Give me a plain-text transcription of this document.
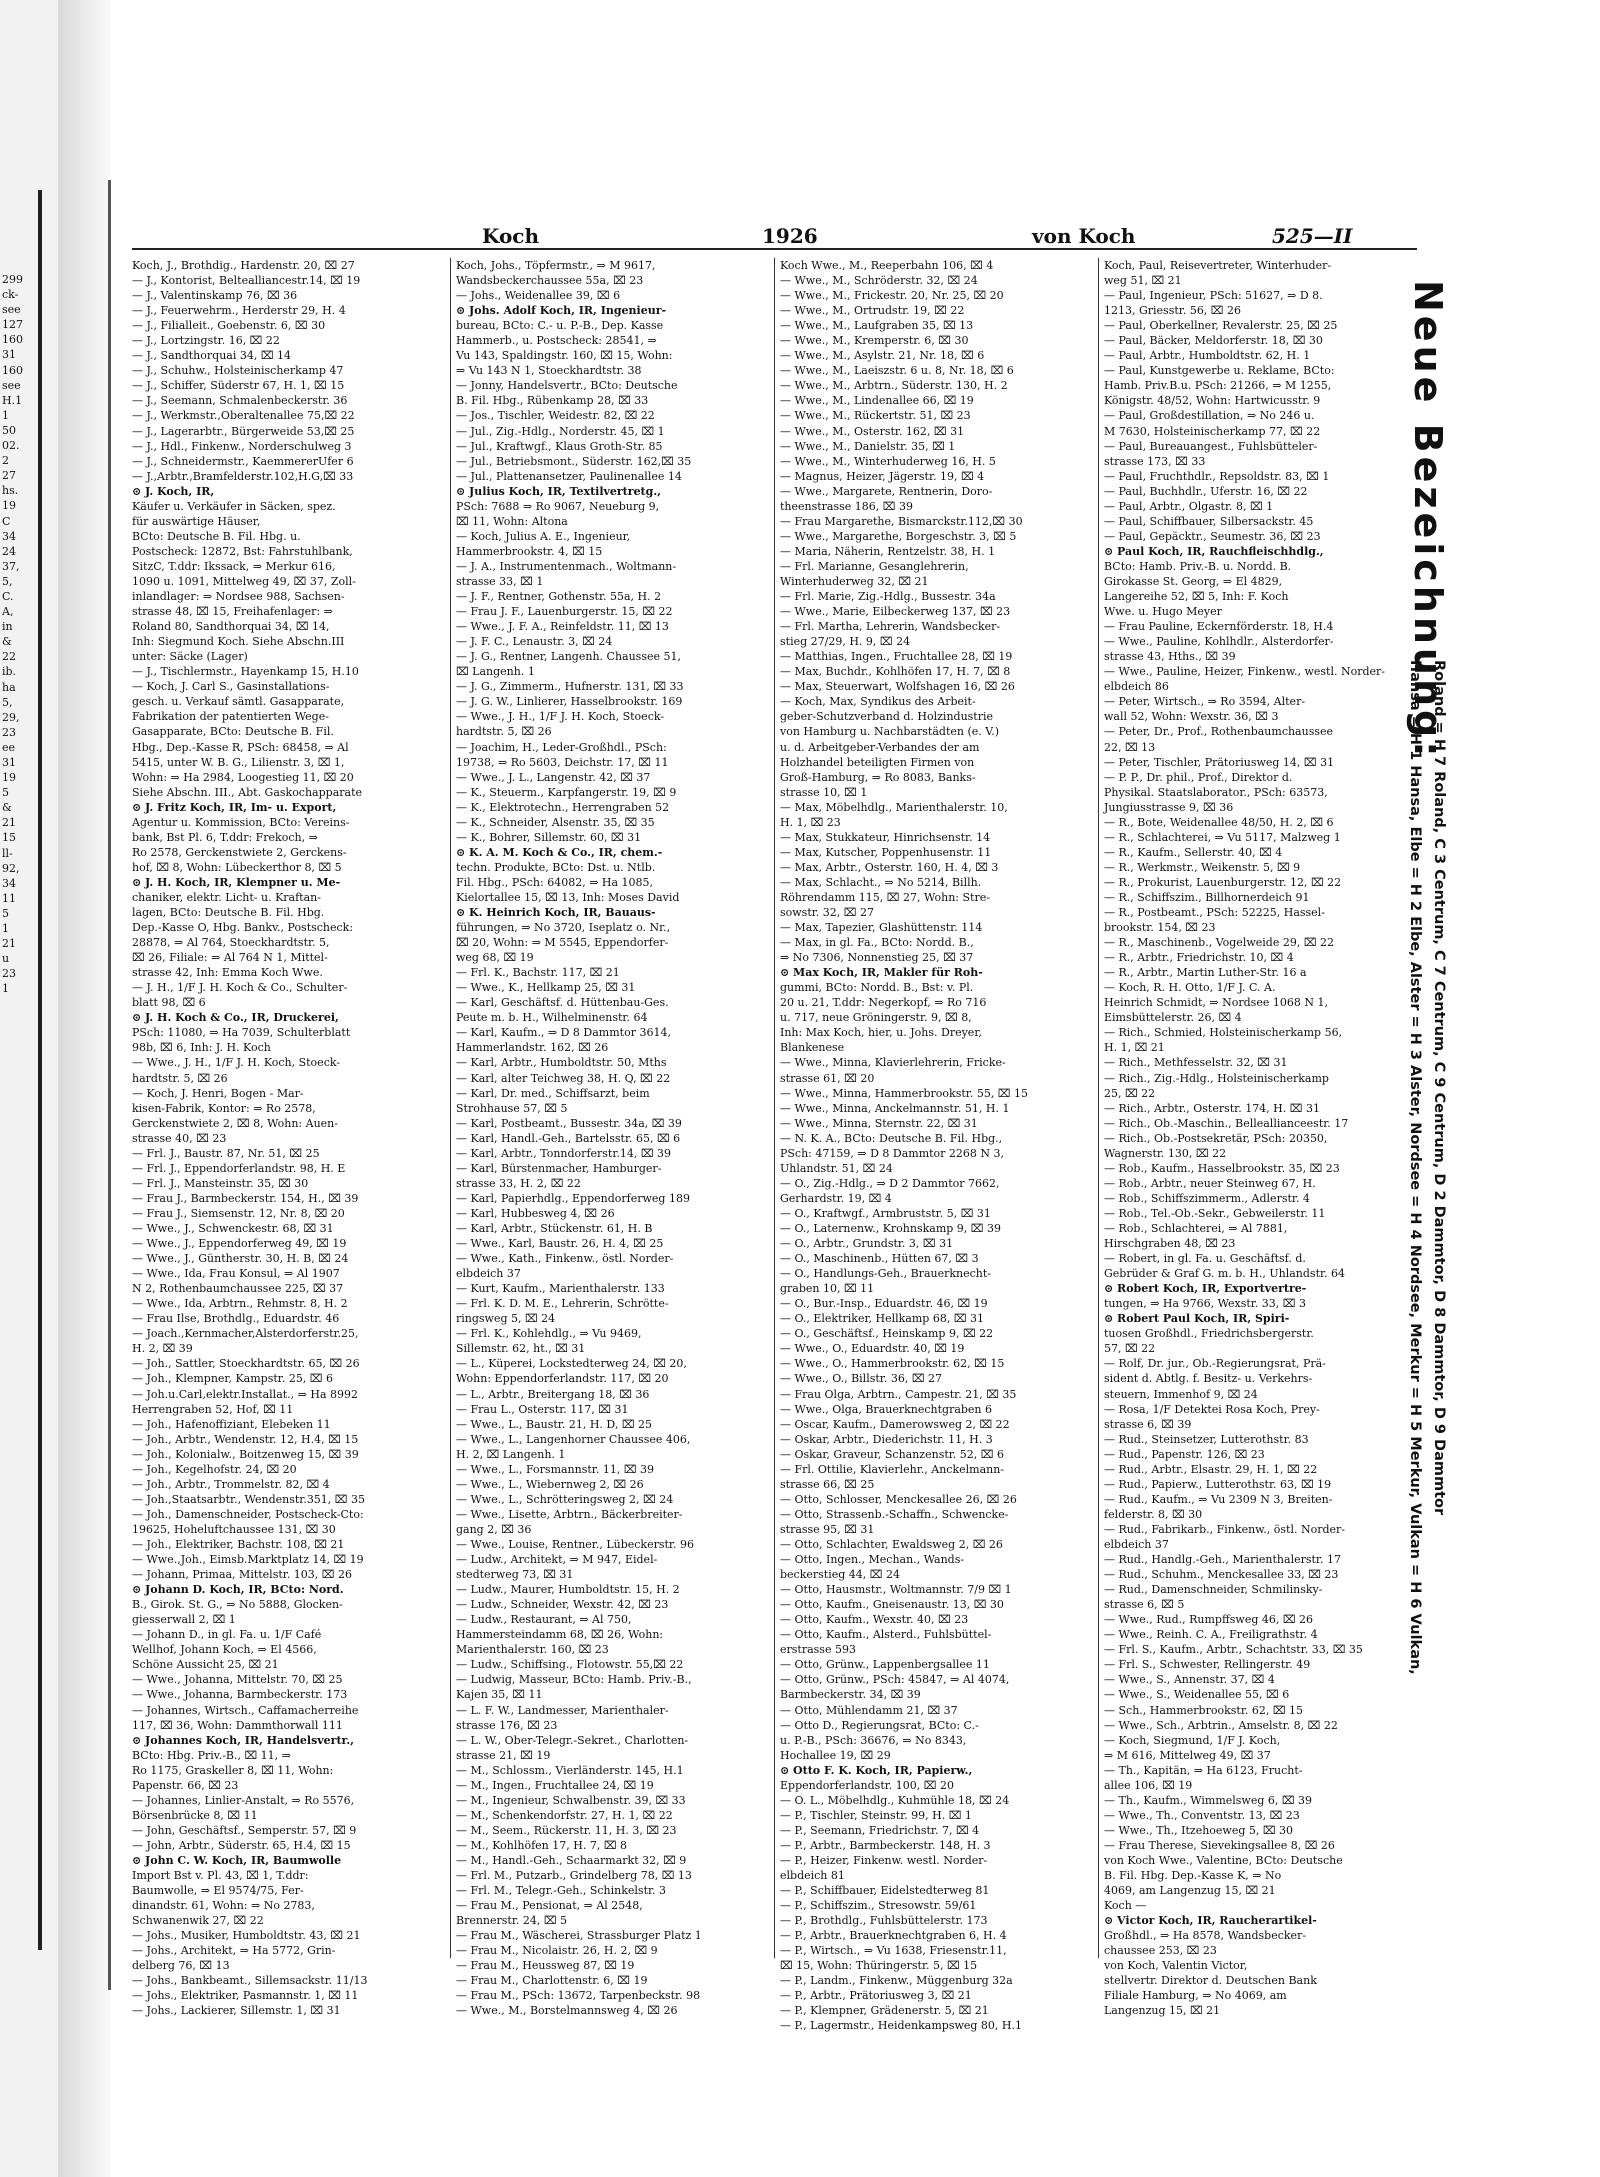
299
ck-
see
127
160
31
160
see
H.1
1
50
02.
2
27
hs.
19
C
34
24
37,
5,
C.
A,
in
&
22
ib.
ha
5,
29,
23
ee
31
19
5
&
21
15
ll-
92,
34
11
5
1
21
u
23
1
Koch	1926	von Koch	525—II
Koch, J., Brothdig., Hardenstr. 20, ⌧ 27
— J., Kontorist, Beltealliancestr.14, ⌧ 19
— J., Valentinskamp 76, ⌧ 36
— J., Feuerwehrm., Herderstr 29, H. 4
— J., Filialleit., Goebenstr. 6, ⌧ 30
— J., Lortzingstr. 16, ⌧ 22
— J., Sandthorquai 34, ⌧ 14
— J., Schuhw., Holsteinischerkamp 47
— J., Schiffer, Süderstr 67, H. 1, ⌧ 15
— J., Seemann, Schmalenbeckerstr. 36
— J., Werkmstr.,Oberaltenallee 75,⌧ 22
— J., Lagerarbtr., Bürgerweide 53,⌧ 25
— J., Hdl., Finkenw., Norderschulweg 3
— J., Schneidermstr., KaemmererUfer 6
— J.,Arbtr.,Bramfelderstr.102,H.G,⌧ 33
⊙ J. Koch, IR,
Käufer u. Verkäufer in Säcken, spez.
für auswärtige Häuser,
BCto: Deutsche B. Fil. Hbg. u.
Postscheck: 12872, Bst: Fahrstuhlbank,
SitzC, T.ddr: Ikssack, ⇒ Merkur 616,
1090 u. 1091, Mittelweg 49, ⌧ 37, Zoll-
inlandlager: ⇒ Nordsee 988, Sachsen-
strasse 48, ⌧ 15, Freihafenlager: ⇒
Roland 80, Sandthorquai 34, ⌧ 14,
Inh: Siegmund Koch. Siehe Abschn.III
unter: Säcke (Lager)
— J., Tischlermstr., Hayenkamp 15, H.10
— Koch, J. Carl S., Gasinstallations-
gesch. u. Verkauf sämtl. Gasapparate,
Fabrikation der patentierten Wege-
Gasapparate, BCto: Deutsche B. Fil.
Hbg., Dep.-Kasse R, PSch: 68458, ⇒ Al
5415, unter W. B. G., Lilienstr. 3, ⌧ 1,
Wohn: ⇒ Ha 2984, Loogestieg 11, ⌧ 20
Siehe Abschn. III., Abt. Gaskochapparate
⊙ J. Fritz Koch, IR, Im- u. Export,
Agentur u. Kommission, BCto: Vereins-
bank, Bst Pl. 6, T.ddr: Frekoch, ⇒
Ro 2578, Gerckenstwiete 2, Gerckens-
hof, ⌧ 8, Wohn: Lübeckerthor 8, ⌧ 5
⊙ J. H. Koch, IR, Klempner u. Me-
chaniker, elektr. Licht- u. Kraftan-
lagen, BCto: Deutsche B. Fil. Hbg.
Dep.-Kasse O, Hbg. Bankv., Postscheck:
28878, ⇒ Al 764, Stoeckhardtstr. 5,
⌧ 26, Filiale: ⇒ Al 764 N 1, Mittel-
strasse 42, Inh: Emma Koch Wwe.
— J. H., 1/F J. H. Koch & Co., Schulter-
blatt 98, ⌧ 6
⊙ J. H. Koch & Co., IR, Druckerei,
PSch: 11080, ⇒ Ha 7039, Schulterblatt
98b, ⌧ 6, Inh: J. H. Koch
— Wwe., J. H., 1/F J. H. Koch, Stoeck-
hardtstr. 5, ⌧ 26
— Koch, J. Henri, Bogen - Mar-
kisen-Fabrik, Kontor: ⇒ Ro 2578,
Gerckenstwiete 2, ⌧ 8, Wohn: Auen-
strasse 40, ⌧ 23
— Frl. J., Baustr. 87, Nr. 51, ⌧ 25
— Frl. J., Eppendorferlandstr. 98, H. E
— Frl. J., Mansteinstr. 35, ⌧ 30
— Frau J., Barmbeckerstr. 154, H., ⌧ 39
— Frau J., Siemsenstr. 12, Nr. 8, ⌧ 20
— Wwe., J., Schwenckestr. 68, ⌧ 31
— Wwe., J., Eppendorferweg 49, ⌧ 19
— Wwe., J., Güntherstr. 30, H. B, ⌧ 24
— Wwe., Ida, Frau Konsul, ⇒ Al 1907
N 2, Rothenbaumchaussee 225, ⌧ 37
— Wwe., Ida, Arbtrn., Rehmstr. 8, H. 2
— Frau Ilse, Brothdlg., Eduardstr. 46
— Joach.,Kernmacher,Alsterdorferstr.25,
H. 2, ⌧ 39
— Joh., Sattler, Stoeckhardtstr. 65, ⌧ 26
— Joh., Klempner, Kampstr. 25, ⌧ 6
— Joh.u.Carl,elektr.Installat., ⇒ Ha 8992
Herrengraben 52, Hof, ⌧ 11
— Joh., Hafenoffiziant, Elebeken 11
— Joh., Arbtr., Wendenstr. 12, H.4, ⌧ 15
— Joh., Kolonialw., Boitzenweg 15, ⌧ 39
— Joh., Kegelhofstr. 24, ⌧ 20
— Joh., Arbtr., Trommelstr. 82, ⌧ 4
— Joh.,Staatsarbtr., Wendenstr.351, ⌧ 35
— Joh., Damenschneider, Postscheck-Cto:
19625, Hoheluftchaussee 131, ⌧ 30
— Joh., Elektriker, Bachstr. 108, ⌧ 21
— Wwe.,Joh., Eimsb.Marktplatz 14, ⌧ 19
— Johann, Primaa, Mittelstr. 103, ⌧ 26
⊙ Johann D. Koch, IR, BCto: Nord.
B., Girok. St. G., ⇒ No 5888, Glocken-
giesserwall 2, ⌧ 1
— Johann D., in gl. Fa. u. 1/F Café
Wellhof, Johann Koch, ⇒ El 4566,
Schöne Aussicht 25, ⌧ 21
— Wwe., Johanna, Mittelstr. 70, ⌧ 25
— Wwe., Johanna, Barmbeckerstr. 173
— Johannes, Wirtsch., Caffamacherreihe
117, ⌧ 36, Wohn: Dammthorwall 111
⊙ Johannes Koch, IR, Handelsvertr.,
BCto: Hbg. Priv.-B., ⌧ 11, ⇒
Ro 1175, Graskeller 8, ⌧ 11, Wohn:
Papenstr. 66, ⌧ 23
— Johannes, Linlier-Anstalt, ⇒ Ro 5576,
Börsenbrücke 8, ⌧ 11
— John, Geschäftsf., Semperstr. 57, ⌧ 9
— John, Arbtr., Süderstr. 65, H.4, ⌧ 15
⊙ John C. W. Koch, IR, Baumwolle
Import Bst v. Pl. 43, ⌧ 1, T.ddr:
Baumwolle, ⇒ El 9574/75, Fer-
dinandstr. 61, Wohn: ⇒ No 2783,
Schwanenwik 27, ⌧ 22
— Johs., Musiker, Humboldtstr. 43, ⌧ 21
— Johs., Architekt, ⇒ Ha 5772, Grin-
delberg 76, ⌧ 13
— Johs., Bankbeamt., Sillemsackstr. 11/13
— Johs., Elektriker, Pasmannstr. 1, ⌧ 11
— Johs., Lackierer, Sillemstr. 1, ⌧ 31
Koch, Johs., Töpfermstr., ⇒ M 9617,
Wandsbeckerchaussee 55a, ⌧ 23
— Johs., Weidenallee 39, ⌧ 6
⊙ Johs. Adolf Koch, IR, Ingenieur-
bureau, BCto: C.- u. P.-B., Dep. Kasse
Hammerb., u. Postscheck: 28541, ⇒
Vu 143, Spaldingstr. 160, ⌧ 15, Wohn:
⇒ Vu 143 N 1, Stoeckhardtstr. 38
— Jonny, Handelsvertr., BCto: Deutsche
B. Fil. Hbg., Rübenkamp 28, ⌧ 33
— Jos., Tischler, Weidestr. 82, ⌧ 22
— Jul., Zig.-Hdlg., Norderstr. 45, ⌧ 1
— Jul., Kraftwgf., Klaus Groth-Str. 85
— Jul., Betriebsmont., Süderstr. 162,⌧ 35
— Jul., Plattenansetzer, Paulinenallee 14
⊙ Julius Koch, IR, Textilvertretg.,
PSch: 7688 ⇒ Ro 9067, Neueburg 9,
⌧ 11, Wohn: Altona
— Koch, Julius A. E., Ingenieur,
Hammerbrookstr. 4, ⌧ 15
— J. A., Instrumentenmach., Woltmann-
strasse 33, ⌧ 1
— J. F., Rentner, Gothenstr. 55a, H. 2
— Frau J. F., Lauenburgerstr. 15, ⌧ 22
— Wwe., J. F. A., Reinfeldstr. 11, ⌧ 13
— J. F. C., Lenaustr. 3, ⌧ 24
— J. G., Rentner, Langenh. Chaussee 51,
⌧ Langenh. 1
— J. G., Zimmerm., Hufnerstr. 131, ⌧ 33
— J. G. W., Linlierer, Hasselbrookstr. 169
— Wwe., J. H., 1/F J. H. Koch, Stoeck-
hardtstr. 5, ⌧ 26
— Joachim, H., Leder-Großhdl., PSch:
19738, ⇒ Ro 5603, Deichstr. 17, ⌧ 11
— Wwe., J. L., Langenstr. 42, ⌧ 37
— K., Steuerm., Karpfangerstr. 19, ⌧ 9
— K., Elektrotechn., Herrengraben 52
— K., Schneider, Alsenstr. 35, ⌧ 35
— K., Bohrer, Sillemstr. 60, ⌧ 31
⊙ K. A. M. Koch & Co., IR, chem.-
techn. Produkte, BCto: Dst. u. Ntlb.
Fil. Hbg., PSch: 64082, ⇒ Ha 1085,
Kielortallee 15, ⌧ 13, Inh: Moses David
⊙ K. Heinrich Koch, IR, Bauaus-
führungen, ⇒ No 3720, Iseplatz o. Nr.,
⌧ 20, Wohn: ⇒ M 5545, Eppendorfer-
weg 68, ⌧ 19
— Frl. K., Bachstr. 117, ⌧ 21
— Wwe., K., Hellkamp 25, ⌧ 31
— Karl, Geschäftsf. d. Hüttenbau-Ges.
Peute m. b. H., Wilhelminenstr. 64
— Karl, Kaufm., ⇒ D 8 Dammtor 3614,
Hammerlandstr. 162, ⌧ 26
— Karl, Arbtr., Humboldtstr. 50, Mths
— Karl, alter Teichweg 38, H. Q, ⌧ 22
— Karl, Dr. med., Schiffsarzt, beim
Strohhause 57, ⌧ 5
— Karl, Postbeamt., Bussestr. 34a, ⌧ 39
— Karl, Handl.-Geh., Bartelsstr. 65, ⌧ 6
— Karl, Arbtr., Tonndorferstr.14, ⌧ 39
— Karl, Bürstenmacher, Hamburger-
strasse 33, H. 2, ⌧ 22
— Karl, Papierhdlg., Eppendorferweg 189
— Karl, Hubbesweg 4, ⌧ 26
— Karl, Arbtr., Stückenstr. 61, H. B
— Wwe., Karl, Baustr. 26, H. 4, ⌧ 25
— Wwe., Kath., Finkenw., östl. Norder-
elbdeich 37
— Kurt, Kaufm., Marienthalerstr. 133
— Frl. K. D. M. E., Lehrerin, Schrötte-
ringsweg 5, ⌧ 24
— Frl. K., Kohlehdlg., ⇒ Vu 9469,
Sillemstr. 62, ht., ⌧ 31
— L., Küperei, Lockstedterweg 24, ⌧ 20,
Wohn: Eppendorferlandstr. 117, ⌧ 20
— L., Arbtr., Breitergang 18, ⌧ 36
— Frau L., Osterstr. 117, ⌧ 31
— Wwe., L., Baustr. 21, H. D, ⌧ 25
— Wwe., L., Langenhorner Chaussee 406,
H. 2, ⌧ Langenh. 1
— Wwe., L., Forsmannstr. 11, ⌧ 39
— Wwe., L., Wiebernweg 2, ⌧ 26
— Wwe., L., Schrötteringsweg 2, ⌧ 24
— Wwe., Lisette, Arbtrn., Bäckerbreiter-
gang 2, ⌧ 36
— Wwe., Louise, Rentner., Lübeckerstr. 96
— Ludw., Architekt, ⇒ M 947, Eidel-
stedterweg 73, ⌧ 31
— Ludw., Maurer, Humboldtstr. 15, H. 2
— Ludw., Schneider, Wexstr. 42, ⌧ 23
— Ludw., Restaurant, ⇒ Al 750,
Hammersteindamm 68, ⌧ 26, Wohn:
Marienthalerstr. 160, ⌧ 23
— Ludw., Schiffsing., Flotowstr. 55,⌧ 22
— Ludwig, Masseur, BCto: Hamb. Priv.-B.,
Kajen 35, ⌧ 11
— L. F. W., Landmesser, Marienthaler-
strasse 176, ⌧ 23
— L. W., Ober-Telegr.-Sekret., Charlotten-
strasse 21, ⌧ 19
— M., Schlossm., Vierländerstr. 145, H.1
— M., Ingen., Fruchtallee 24, ⌧ 19
— M., Ingenieur, Schwalbenstr. 39, ⌧ 33
— M., Schenkendorfstr. 27, H. 1, ⌧ 22
— M., Seem., Rückerstr. 11, H. 3, ⌧ 23
— M., Kohlhöfen 17, H. 7, ⌧ 8
— M., Handl.-Geh., Schaarmarkt 32, ⌧ 9
— Frl. M., Putzarb., Grindelberg 78, ⌧ 13
— Frl. M., Telegr.-Geh., Schinkelstr. 3
— Frau M., Pensionat, ⇒ Al 2548,
Brennerstr. 24, ⌧ 5
— Frau M., Wäscherei, Strassburger Platz 1
— Frau M., Nicolaistr. 26, H. 2, ⌧ 9
— Frau M., Heussweg 87, ⌧ 19
— Frau M., Charlottenstr. 6, ⌧ 19
— Frau M., PSch: 13672, Tarpenbeckstr. 98
— Wwe., M., Borstelmannsweg 4, ⌧ 26
Koch Wwe., M., Reeperbahn 106, ⌧ 4
— Wwe., M., Schröderstr. 32, ⌧ 24
— Wwe., M., Frickestr. 20, Nr. 25, ⌧ 20
— Wwe., M., Ortrudstr. 19, ⌧ 22
— Wwe., M., Laufgraben 35, ⌧ 13
— Wwe., M., Kremperstr. 6, ⌧ 30
— Wwe., M., Asylstr. 21, Nr. 18, ⌧ 6
— Wwe., M., Laeiszstr. 6 u. 8, Nr. 18, ⌧ 6
— Wwe., M., Arbtrn., Süderstr. 130, H. 2
— Wwe., M., Lindenallee 66, ⌧ 19
— Wwe., M., Rückertstr. 51, ⌧ 23
— Wwe., M., Osterstr. 162, ⌧ 31
— Wwe., M., Danielstr. 35, ⌧ 1
— Wwe., M., Winterhuderweg 16, H. 5
— Magnus, Heizer, Jägerstr. 19, ⌧ 4
— Wwe., Margarete, Rentnerin, Doro-
theenstrasse 186, ⌧ 39
— Frau Margarethe, Bismarckstr.112,⌧ 30
— Wwe., Margarethe, Borgeschstr. 3, ⌧ 5
— Maria, Näherin, Rentzelstr. 38, H. 1
— Frl. Marianne, Gesanglehrerin,
Winterhuderweg 32, ⌧ 21
— Frl. Marie, Zig.-Hdlg., Bussestr. 34a
— Wwe., Marie, Eilbeckerweg 137, ⌧ 23
— Frl. Martha, Lehrerin, Wandsbecker-
stieg 27/29, H. 9, ⌧ 24
— Matthias, Ingen., Fruchtallee 28, ⌧ 19
— Max, Buchdr., Kohlhöfen 17, H. 7, ⌧ 8
— Max, Steuerwart, Wolfshagen 16, ⌧ 26
— Koch, Max, Syndikus des Arbeit-
geber-Schutzverband d. Holzindustrie
von Hamburg u. Nachbarstädten (e. V.)
u. d. Arbeitgeber-Verbandes der am
Holzhandel beteiligten Firmen von
Groß-Hamburg, ⇒ Ro 8083, Banks-
strasse 10, ⌧ 1
— Max, Möbelhdlg., Marienthalerstr. 10,
H. 1, ⌧ 23
— Max, Stukkateur, Hinrichsenstr. 14
— Max, Kutscher, Poppenhusenstr. 11
— Max, Arbtr., Osterstr. 160, H. 4, ⌧ 3
— Max, Schlacht., ⇒ No 5214, Billh.
Röhrendamm 115, ⌧ 27, Wohn: Stre-
sowstr. 32, ⌧ 27
— Max, Tapezier, Glashüttenstr. 114
— Max, in gl. Fa., BCto: Nordd. B.,
⇒ No 7306, Nonnenstieg 25, ⌧ 37
⊙ Max Koch, IR, Makler für Roh-
gummi, BCto: Nordd. B., Bst: v. Pl.
20 u. 21, T.ddr: Negerkopf, ⇒ Ro 716
u. 717, neue Gröningerstr. 9, ⌧ 8,
Inh: Max Koch, hier, u. Johs. Dreyer,
Blankenese
— Wwe., Minna, Klavierlehrerin, Fricke-
strasse 61, ⌧ 20
— Wwe., Minna, Hammerbrookstr. 55, ⌧ 15
— Wwe., Minna, Anckelmannstr. 51, H. 1
— Wwe., Minna, Sternstr. 22, ⌧ 31
— N. K. A., BCto: Deutsche B. Fil. Hbg.,
PSch: 47159, ⇒ D 8 Dammtor 2268 N 3,
Uhlandstr. 51, ⌧ 24
— O., Zig.-Hdlg., ⇒ D 2 Dammtor 7662,
Gerhardstr. 19, ⌧ 4
— O., Kraftwgf., Armbruststr. 5, ⌧ 31
— O., Laternenw., Krohnskamp 9, ⌧ 39
— O., Arbtr., Grundstr. 3, ⌧ 31
— O., Maschinenb., Hütten 67, ⌧ 3
— O., Handlungs-Geh., Brauerknecht-
graben 10, ⌧ 11
— O., Bur.-Insp., Eduardstr. 46, ⌧ 19
— O., Elektriker, Hellkamp 68, ⌧ 31
— O., Geschäftsf., Heinskamp 9, ⌧ 22
— Wwe., O., Eduardstr. 40, ⌧ 19
— Wwe., O., Hammerbrookstr. 62, ⌧ 15
— Wwe., O., Billstr. 36, ⌧ 27
— Frau Olga, Arbtrn., Campestr. 21, ⌧ 35
— Wwe., Olga, Brauerknechtgraben 6
— Oscar, Kaufm., Damerowsweg 2, ⌧ 22
— Oskar, Arbtr., Diederichstr. 11, H. 3
— Oskar, Graveur, Schanzenstr. 52, ⌧ 6
— Frl. Ottilie, Klavierlehr., Anckelmann-
strasse 66, ⌧ 25
— Otto, Schlosser, Menckesallee 26, ⌧ 26
— Otto, Strassenb.-Schaffn., Schwencke-
strasse 95, ⌧ 31
— Otto, Schlachter, Ewaldsweg 2, ⌧ 26
— Otto, Ingen., Mechan., Wands-
beckerstieg 44, ⌧ 24
— Otto, Hausmstr., Woltmannstr. 7/9 ⌧ 1
— Otto, Kaufm., Gneisenaustr. 13, ⌧ 30
— Otto, Kaufm., Wexstr. 40, ⌧ 23
— Otto, Kaufm., Alsterd., Fuhlsbüttel-
erstrasse 593
— Otto, Grünw., Lappenbergsallee 11
— Otto, Grünw., PSch: 45847, ⇒ Al 4074,
Barmbeckerstr. 34, ⌧ 39
— Otto, Mühlendamm 21, ⌧ 37
— Otto D., Regierungsrat, BCto: C.-
u. P.-B., PSch: 36676, ⇒ No 8343,
Hochallee 19, ⌧ 29
⊙ Otto F. K. Koch, IR, Papierw.,
Eppendorferlandstr. 100, ⌧ 20
— O. L., Möbelhdlg., Kuhmühle 18, ⌧ 24
— P., Tischler, Steinstr. 99, H. ⌧ 1
— P., Seemann, Friedrichstr. 7, ⌧ 4
— P., Arbtr., Barmbeckerstr. 148, H. 3
— P., Heizer, Finkenw. westl. Norder-
elbdeich 81
— P., Schiffbauer, Eidelstedterweg 81
— P., Schiffszim., Stresowstr. 59/61
— P., Brothdlg., Fuhlsbüttelerstr. 173
— P., Arbtr., Brauerknechtgraben 6, H. 4
— P., Wirtsch., ⇒ Vu 1638, Friesenstr.11,
⌧ 15, Wohn: Thüringerstr. 5, ⌧ 15
— P., Landm., Finkenw., Müggenburg 32a
— P., Arbtr., Prätoriusweg 3, ⌧ 21
— P., Klempner, Grädenerstr. 5, ⌧ 21
— P., Lagermstr., Heidenkampsweg 80, H.1
Koch, Paul, Reisevertreter, Winterhuder-
weg 51, ⌧ 21
— Paul, Ingenieur, PSch: 51627, ⇒ D 8.
1213, Griesstr. 56, ⌧ 26
— Paul, Oberkellner, Revalerstr. 25, ⌧ 25
— Paul, Bäcker, Meldorferstr. 18, ⌧ 30
— Paul, Arbtr., Humboldtstr. 62, H. 1
— Paul, Kunstgewerbe u. Reklame, BCto:
Hamb. Priv.B.u. PSch: 21266, ⇒ M 1255,
Königstr. 48/52, Wohn: Hartwicusstr. 9
— Paul, Großdestillation, ⇒ No 246 u.
M 7630, Holsteinischerkamp 77, ⌧ 22
— Paul, Bureauangest., Fuhlsbütteler-
strasse 173, ⌧ 33
— Paul, Fruchthdlr., Repsoldstr. 83, ⌧ 1
— Paul, Buchhdlr., Uferstr. 16, ⌧ 22
— Paul, Arbtr., Olgastr. 8, ⌧ 1
— Paul, Schiffbauer, Silbersackstr. 45
— Paul, Gepäcktr., Seumestr. 36, ⌧ 23
⊙ Paul Koch, IR, Rauchfleischhdlg.,
BCto: Hamb. Priv.-B. u. Nordd. B.
Girokasse St. Georg, ⇒ El 4829,
Langereihe 52, ⌧ 5, Inh: F. Koch
Wwe. u. Hugo Meyer
— Frau Pauline, Eckernförderstr. 18, H.4
— Wwe., Pauline, Kohlhdlr., Alsterdorfer-
strasse 43, Hths., ⌧ 39
— Wwe., Pauline, Heizer, Finkenw., westl. Norder-
elbdeich 86
— Peter, Wirtsch., ⇒ Ro 3594, Alter-
wall 52, Wohn: Wexstr. 36, ⌧ 3
— Peter, Dr., Prof., Rothenbaumchaussee
22, ⌧ 13
— Peter, Tischler, Prätoriusweg 14, ⌧ 31
— P. P., Dr. phil., Prof., Direktor d.
Physikal. Staatslaborator., PSch: 63573,
Jungiusstrasse 9, ⌧ 36
— R., Bote, Weidenallee 48/50, H. 2, ⌧ 6
— R., Schlachterei, ⇒ Vu 5117, Malzweg 1
— R., Kaufm., Sellerstr. 40, ⌧ 4
— R., Werkmstr., Weikenstr. 5, ⌧ 9
— R., Prokurist, Lauenburgerstr. 12, ⌧ 22
— R., Schiffszim., Billhornerdeich 91
— R., Postbeamt., PSch: 52225, Hassel-
brookstr. 154, ⌧ 23
— R., Maschinenb., Vogelweide 29, ⌧ 22
— R., Arbtr., Friedrichstr. 10, ⌧ 4
— R., Arbtr., Martin Luther-Str. 16 a
— Koch, R. H. Otto, 1/F J. C. A.
Heinrich Schmidt, ⇒ Nordsee 1068 N 1,
Eimsbüttelerstr. 26, ⌧ 4
— Rich., Schmied, Holsteinischerkamp 56,
H. 1, ⌧ 21
— Rich., Methfesselstr. 32, ⌧ 31
— Rich., Zig.-Hdlg., Holsteinischerkamp
25, ⌧ 22
— Rich., Arbtr., Osterstr. 174, H. ⌧ 31
— Rich., Ob.-Maschin., Belleallianceestr. 17
— Rich., Ob.-Postsekretär, PSch: 20350,
Wagnerstr. 130, ⌧ 22
— Rob., Kaufm., Hasselbrookstr. 35, ⌧ 23
— Rob., Arbtr., neuer Steinweg 67, H.
— Rob., Schiffszimmerm., Adlerstr. 4
— Rob., Tel.-Ob.-Sekr., Gebweilerstr. 11
— Rob., Schlachterei, ⇒ Al 7881,
Hirschgraben 48, ⌧ 23
— Robert, in gl. Fa. u. Geschäftsf. d.
Gebrüder & Graf G. m. b. H., Uhlandstr. 64
⊙ Robert Koch, IR, Exportvertre-
tungen, ⇒ Ha 9766, Wexstr. 33, ⌧ 3
⊙ Robert Paul Koch, IR, Spiri-
tuosen Großhdl., Friedrichsbergerstr.
57, ⌧ 22
— Rolf, Dr. jur., Ob.-Regierungsrat, Prä-
sident d. Abtlg. f. Besitz- u. Verkehrs-
steuern, Immenhof 9, ⌧ 24
— Rosa, 1/F Detektei Rosa Koch, Prey-
strasse 6, ⌧ 39
— Rud., Steinsetzer, Lutterothstr. 83
— Rud., Papenstr. 126, ⌧ 23
— Rud., Arbtr., Elsastr. 29, H. 1, ⌧ 22
— Rud., Papierw., Lutterothstr. 63, ⌧ 19
— Rud., Kaufm., ⇒ Vu 2309 N 3, Breiten-
felderstr. 8, ⌧ 30
— Rud., Fabrikarb., Finkenw., östl. Norder-
elbdeich 37
— Rud., Handlg.-Geh., Marienthalerstr. 17
— Rud., Schuhm., Menckesallee 33, ⌧ 23
— Rud., Damenschneider, Schmilinsky-
strasse 6, ⌧ 5
— Wwe., Rud., Rumpffsweg 46, ⌧ 26
— Wwe., Reinh. C. A., Freiligrathstr. 4
— Frl. S., Kaufm., Arbtr., Schachtstr. 33, ⌧ 35
— Frl. S., Schwester, Rellingerstr. 49
— Wwe., S., Annenstr. 37, ⌧ 4
— Wwe., S., Weidenallee 55, ⌧ 6
— Sch., Hammerbrookstr. 62, ⌧ 15
— Wwe., Sch., Arbtrin., Amselstr. 8, ⌧ 22
— Koch, Siegmund, 1/F J. Koch,
⇒ M 616, Mittelweg 49, ⌧ 37
— Th., Kapitän, ⇒ Ha 6123, Frucht-
allee 106, ⌧ 19
— Th., Kaufm., Wimmelsweg 6, ⌧ 39
— Wwe., Th., Conventstr. 13, ⌧ 23
— Wwe., Th., Itzehoeweg 5, ⌧ 30
— Frau Therese, Sievekingsallee 8, ⌧ 26
von Koch Wwe., Valentine, BCto: Deutsche
B. Fil. Hbg. Dep.-Kasse K, ⇒ No
4069, am Langenzug 15, ⌧ 21
Koch —
⊙ Victor Koch, IR, Raucherartikel-
Großhdl., ⇒ Ha 8578, Wandsbecker-
chaussee 253, ⌧ 23
von Koch, Valentin Victor,
stellvertr. Direktor d. Deutschen Bank
Filiale Hamburg, ⇒ No 4069, am
Langenzug 15, ⌧ 21
Neue Bezeichnung:
Hansa = H 1 Hansa, Elbe = H 2 Elbe, Alster = H 3 Alster, Nordsee = H 4 Nordsee, Merkur = H 5 Merkur, Vulkan = H 6 Vulkan, Roland = H 7 Roland, C 3 Centrum, C 7 Centrum, C 9 Centrum, D 2 Dammtor, D 8 Dammtor, D 9 Dammtor
